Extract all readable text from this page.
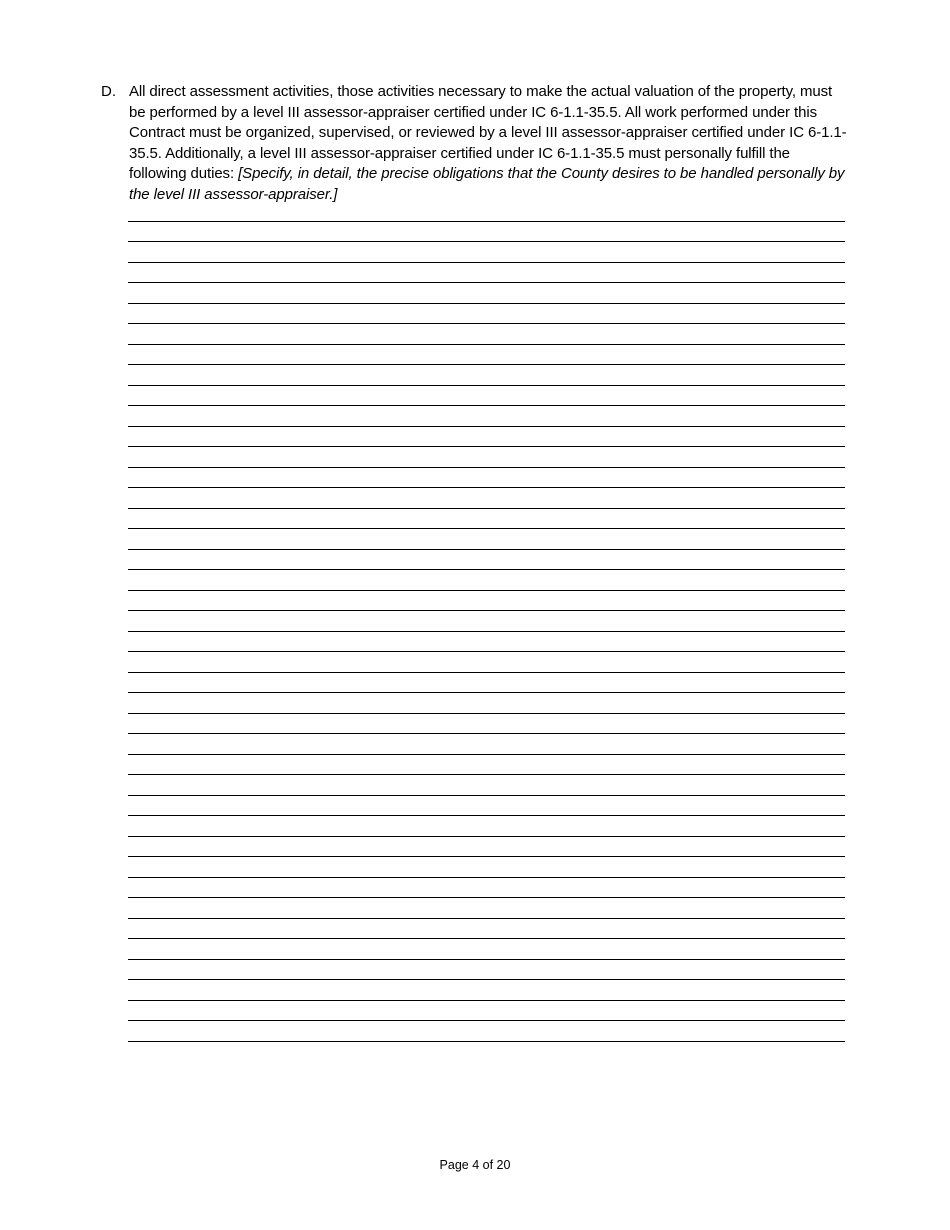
D. All direct assessment activities, those activities necessary to make the actual valuation of the property, must be performed by a level III assessor-appraiser certified under IC 6-1.1-35.5. All work performed under this Contract must be organized, supervised, or reviewed by a level III assessor-appraiser certified under IC 6-1.1-35.5. Additionally, a level III assessor-appraiser certified under IC 6-1.1-35.5 must personally fulfill the following duties: [Specify, in detail, the precise obligations that the County desires to be handled personally by the level III assessor-appraiser.]
Page 4 of 20
